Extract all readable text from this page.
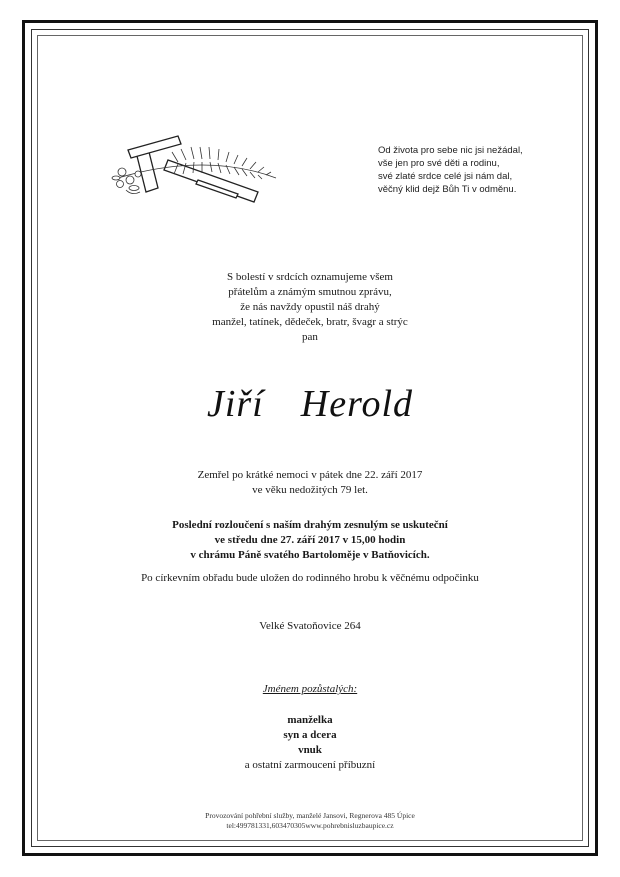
Od života pro sebe nic jsi nežádal,
vše jen pro své děti a rodinu,
své zlaté srdce celé jsi nám dal,
věčný klid dejž Bůh Ti v odměnu.
S bolestí v srdcích oznamujeme všem
přátelům a známým smutnou zprávu,
že nás navždy opustil náš drahý
manžel, tatínek, dědeček, bratr, švagr a strýc
pan
Jiří  Herold
Zemřel po krátké nemoci v pátek dne 22. září 2017
ve věku nedožitých 79 let.
Poslední rozloučení s naším drahým zesnulým se uskuteční
ve středu dne 27. září 2017 v 15,00 hodin
v chrámu Páně svatého Bartoloměje v Batňovicích.
Po církevním obřadu bude uložen do rodinného hrobu k věčnému odpočinku
Velké Svatoňovice 264
Jménem pozůstalých:
manželka
syn a dcera
vnuk
a ostatní zarmoucení příbuzní
Provozování pohřební služby, manželé Jansovi, Regnerova 485 Úpice
tel:499781331,603470305www.pohrebnisluzbaupice.cz
